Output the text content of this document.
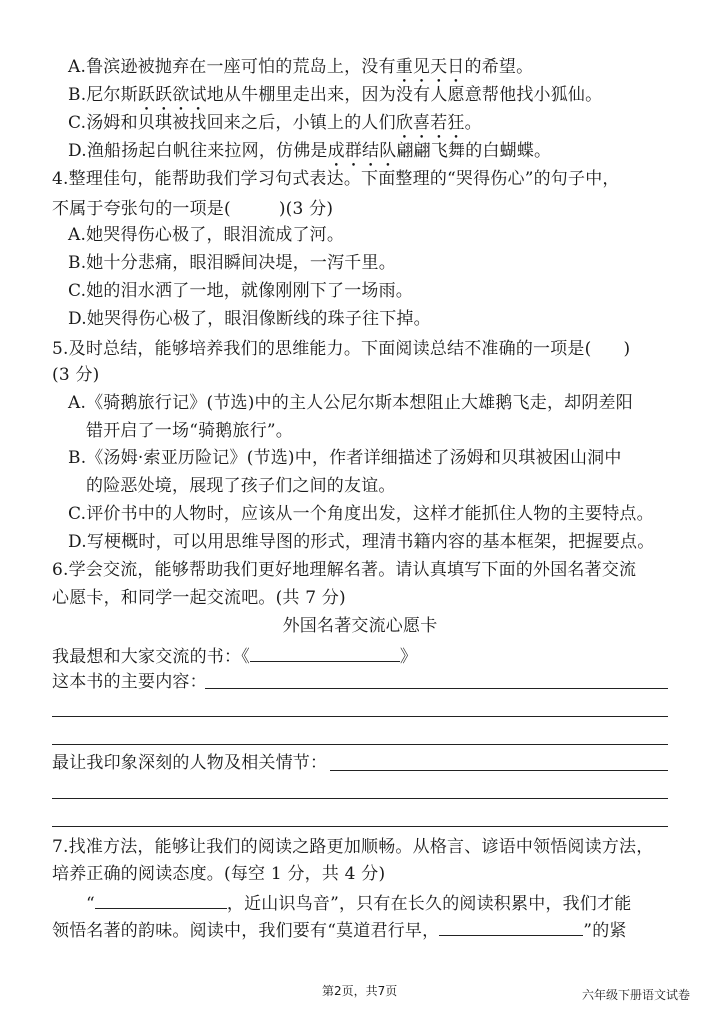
A.鲁滨逊被抛弃在一座可怕的荒岛上，没有重见天日的希望。
B.尼尔斯跃跃欲试地从牛棚里走出来，因为没有人愿意帮他找小狐仙。
C.汤姆和贝琪被找回来之后，小镇上的人们欣喜若狂。
D.渔船扬起白帆往来拉网，仿佛是成群结队翩翩飞舞的白蝴蝶。
4.整理佳句，能帮助我们学习句式表达。下面整理的“哭得伤心”的句子中，
不属于夸张句的一项是(	)(3 分)
A.她哭得伤心极了，眼泪流成了河。
B.她十分悲痛，眼泪瞬间决堤，一泻千里。
C.她的泪水洒了一地，就像刚刚下了一场雨。
D.她哭得伤心极了，眼泪像断线的珠子往下掉。
5.及时总结，能够培养我们的思维能力。下面阅读总结不准确的一项是( )
(3 分)
A.《骑鹅旅行记》(节选)中的主人公尼尔斯本想阻止大雄鹅飞走，却阴差阳
错开启了一场“骑鹅旅行”。
B.《汤姆·索亚历险记》(节选)中，作者详细描述了汤姆和贝琪被困山洞中
的险恶处境，展现了孩子们之间的友谊。
C.评价书中的人物时，应该从一个角度出发，这样才能抓住人物的主要特点。
D.写梗概时，可以用思维导图的形式，理清书籍内容的基本框架，把握要点。
6.学会交流，能够帮助我们更好地理解名著。请认真填写下面的外国名著交流
心愿卡，和同学一起交流吧。(共 7 分)
外国名著交流心愿卡
我最想和大家交流的书：《	》
这本书的主要内容：
最让我印象深刻的人物及相关情节：
7.找准方法，能够让我们的阅读之路更加顺畅。从格言、谚语中领悟阅读方法，
培养正确的阅读态度。(每空 1 分，共 4 分)
“	，近山识鸟音”，只有在长久的阅读积累中，我们才能
领悟名著的韵味。阅读中，我们要有“莫道君行早，	”的紧
第2页，共7页	六年级下册语文试卷
